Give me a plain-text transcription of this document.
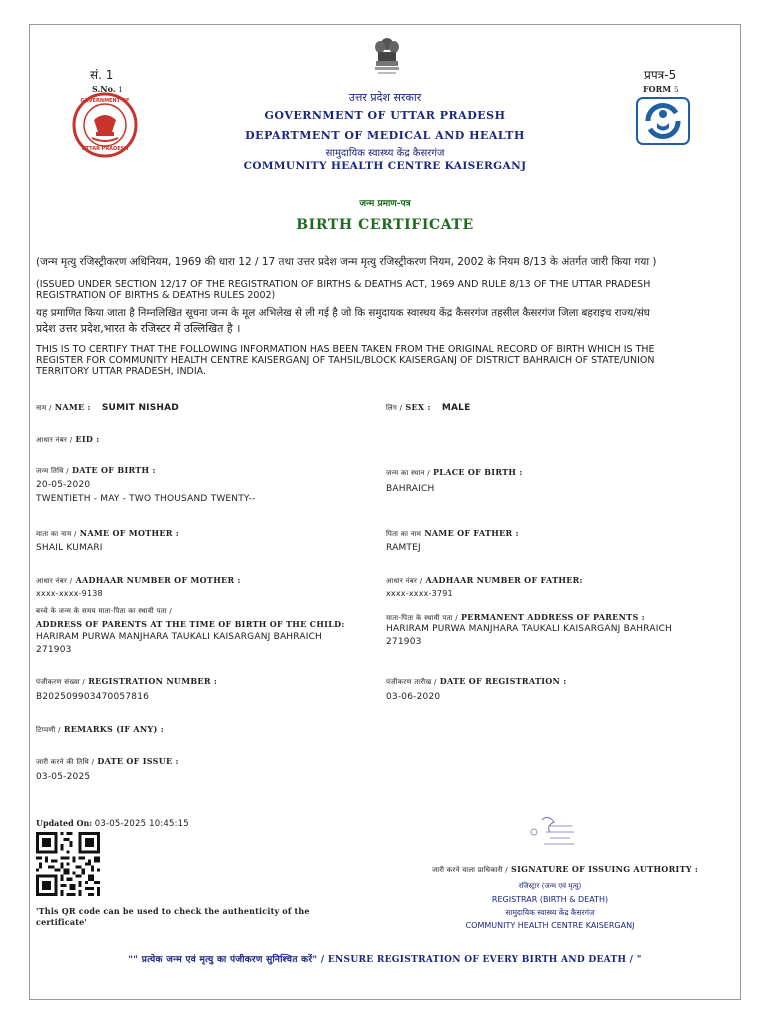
सं. 1
S.No. 1
GOVERNMENT OF
UTTAR PRADESH
प्रपत्र-5
FORM 5
उत्तर प्रदेश सरकार
GOVERNMENT OF UTTAR PRADESH
DEPARTMENT OF MEDICAL AND HEALTH
सामुदायिक स्वास्थ्य केंद्र कैसरगंज
COMMUNITY HEALTH CENTRE KAISERGANJ
जन्म प्रमाण-पत्र
BIRTH CERTIFICATE
(जन्म मृत्यु रजिस्ट्रीकरण अधिनियम, 1969 की धारा 12 / 17 तथा उत्तर प्रदेश जन्म मृत्यु रजिस्ट्रीकरण नियम, 2002 के नियम 8/13 के अंतर्गत जारी किया गया )
(ISSUED UNDER SECTION 12/17 OF THE REGISTRATION OF BIRTHS & DEATHS ACT, 1969 AND RULE 8/13 OF THE UTTAR PRADESH
REGISTRATION OF BIRTHS & DEATHS RULES 2002)
यह प्रमाणित किया जाता है निम्नलिखित सूचना जन्म के मूल अभिलेख से ली गई है जो कि समुदायक स्वास्थय केंद्र कैसरगंज तहसील कैसरगंज जिला बहराइच राज्य/संघ
प्रदेश उत्तर प्रदेश,भारत के रजिस्टर में उल्लिखित है ।
THIS IS TO CERTIFY THAT THE FOLLOWING INFORMATION HAS BEEN TAKEN FROM THE ORIGINAL RECORD OF BIRTH WHICH IS THE
REGISTER FOR COMMUNITY HEALTH CENTRE KAISERGANJ OF TAHSIL/BLOCK KAISERGANJ OF DISTRICT BAHRAICH OF STATE/UNION
TERRITORY UTTAR PRADESH, INDIA.
नाम / NAME : SUMIT NISHAD	लिंग / SEX : MALE
आधार नंबर / EID :
जन्म तिथि / DATE OF BIRTH :
20-05-2020
TWENTIETH - MAY - TWO THOUSAND TWENTY--
जन्म का स्थान / PLACE OF BIRTH :
BAHRAICH
माता का नाम / NAME OF MOTHER :
SHAIL KUMARI
पिता का नाम NAME OF FATHER :
RAMTEJ
आधार नंबर / AADHAAR NUMBER OF MOTHER :
xxxx-xxxx-9138
आधार नंबर / AADHAAR NUMBER OF FATHER:
xxxx-xxxx-3791
बच्चे के जन्म के समय माता-पिता का स्थायी पता /
ADDRESS OF PARENTS AT THE TIME OF BIRTH OF THE CHILD:
HARIRAM PURWA MANJHARA TAUKALI KAISARGANJ BAHRAICH
271903
माता-पिता के स्थायी पता / PERMANENT ADDRESS OF PARENTS :
HARIRAM PURWA MANJHARA TAUKALI KAISARGANJ BAHRAICH
271903
पंजीकरण संख्या / REGISTRATION NUMBER :
B202509903470057816
पंजीकरण तारीख / DATE OF REGISTRATION :
03-06-2020
टिप्पणी / REMARKS (IF ANY) :
जारी करने की तिथि / DATE OF ISSUE :
03-05-2025
Updated On: 03-05-2025 10:45:15
'This QR code can be used to check the authenticity of the
certificate'
जारी करने वाला प्राधिकारी / SIGNATURE OF ISSUING AUTHORITY :
रजिस्ट्रार (जन्म एवं मृत्यु)
REGISTRAR (BIRTH & DEATH)
सामुदायिक स्वास्थ्य केंद्र कैसरगंज
COMMUNITY HEALTH CENTRE KAISERGANJ
"" प्रत्येक जन्म एवं मृत्यु का पंजीकरण सुनिश्चित करें" / ENSURE REGISTRATION OF EVERY BIRTH AND DEATH / "
